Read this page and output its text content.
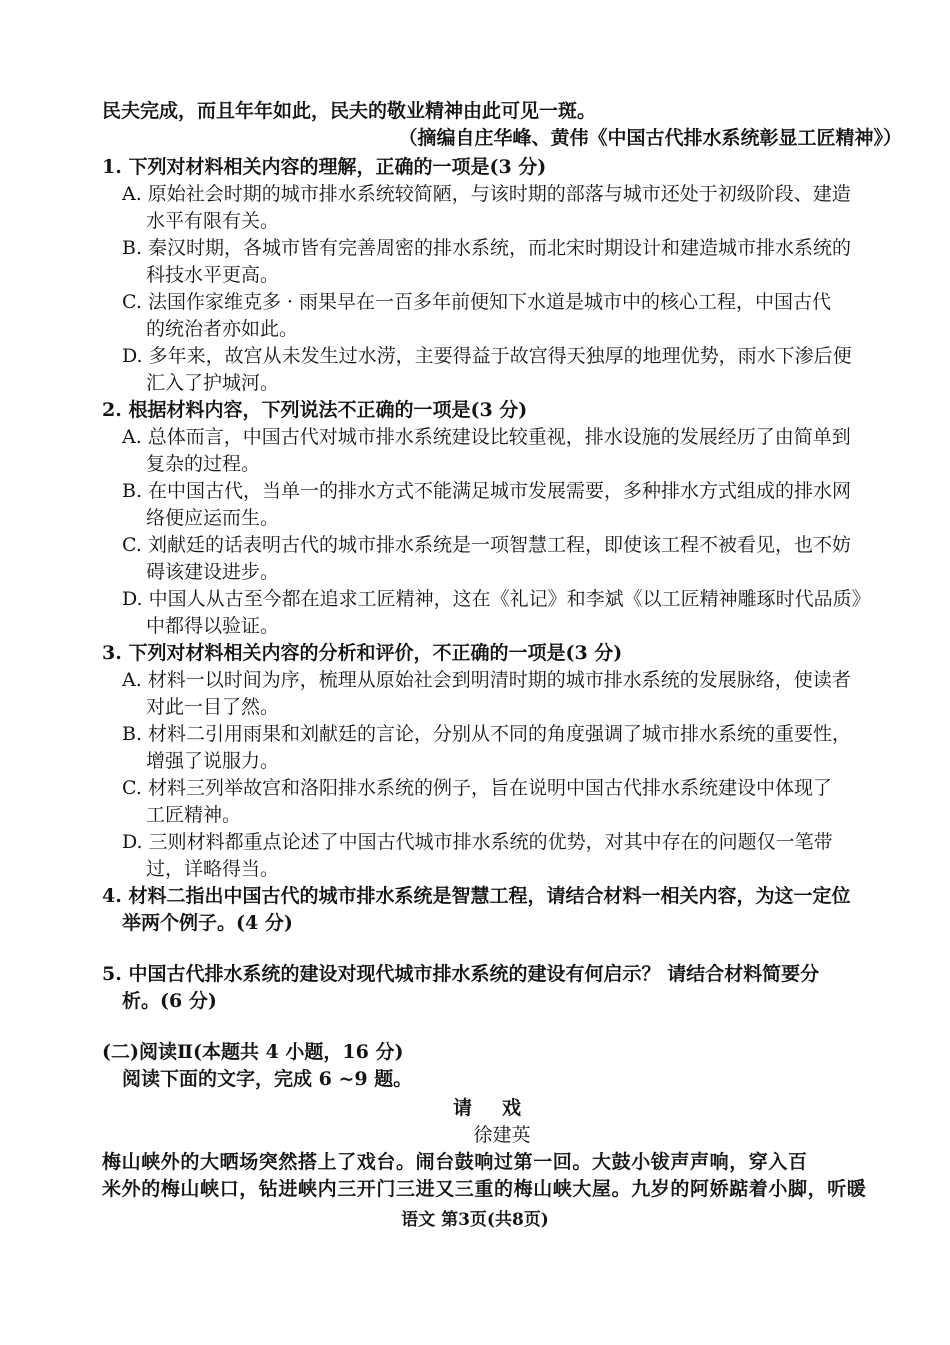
民夫完成，而且年年如此，民夫的敬业精神由此可见一斑。
（摘编自庄华峰、黄伟《中国古代排水系统彰显工匠精神》）
1. 下列对材料相关内容的理解，正确的一项是(3 分)
A. 原始社会时期的城市排水系统较简陋，与该时期的部落与城市还处于初级阶段、建造
水平有限有关。
B. 秦汉时期，各城市皆有完善周密的排水系统，而北宋时期设计和建造城市排水系统的
科技水平更高。
C. 法国作家维克多 · 雨果早在一百多年前便知下水道是城市中的核心工程，中国古代
的统治者亦如此。
D. 多年来，故宫从未发生过水涝，主要得益于故宫得天独厚的地理优势，雨水下渗后便
汇入了护城河。
2. 根据材料内容，下列说法不正确的一项是(3 分)
A. 总体而言，中国古代对城市排水系统建设比较重视，排水设施的发展经历了由简单到
复杂的过程。
B. 在中国古代，当单一的排水方式不能满足城市发展需要，多种排水方式组成的排水网
络便应运而生。
C. 刘献廷的话表明古代的城市排水系统是一项智慧工程，即使该工程不被看见，也不妨
碍该建设进步。
D. 中国人从古至今都在追求工匠精神，这在《礼记》和李斌《以工匠精神雕琢时代品质》
中都得以验证。
3. 下列对材料相关内容的分析和评价，不正确的一项是(3 分)
A. 材料一以时间为序，梳理从原始社会到明清时期的城市排水系统的发展脉络，使读者
对此一目了然。
B. 材料二引用雨果和刘献廷的言论，分别从不同的角度强调了城市排水系统的重要性，
增强了说服力。
C. 材料三列举故宫和洛阳排水系统的例子，旨在说明中国古代排水系统建设中体现了
工匠精神。
D. 三则材料都重点论述了中国古代城市排水系统的优势，对其中存在的问题仅一笔带
过，详略得当。
4. 材料二指出中国古代的城市排水系统是智慧工程，请结合材料一相关内容，为这一定位
举两个例子。(4 分)
5. 中国古代排水系统的建设对现代城市排水系统的建设有何启示？ 请结合材料简要分
析。(6 分)
(二)阅读Ⅱ(本题共 4 小题，16 分)
阅读下面的文字，完成 6 ~9 题。
请戏
徐建英
梅山峡外的大晒场突然搭上了戏台。闹台鼓响过第一回。大鼓小钹声声响，穿入百
米外的梅山峡口，钻进峡内三开门三进又三重的梅山峡大屋。九岁的阿娇踮着小脚，听暖
语文 第3页(共8页)
